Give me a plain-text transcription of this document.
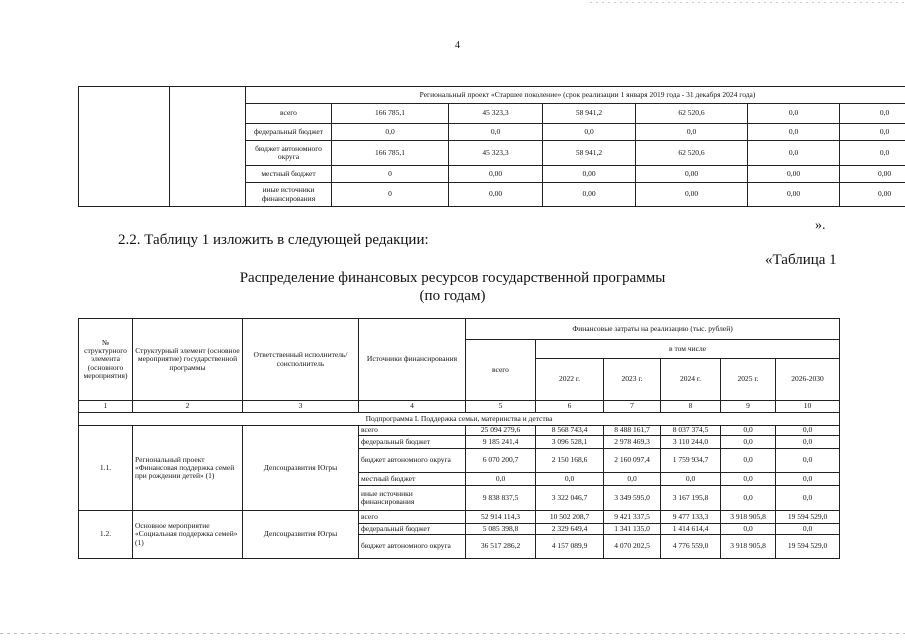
4
		Региональный проект «Старшее поколение» (срок реализации 1 января 2019 года - 31 декабря 2024 года)						
		всего	166 785,1	45 323,3	58 941,2	62 520,6	0,0	0,0
		федеральный бюджет	0,0	0,0	0,0	0,0	0,0	0,0
		бюджет автономного округа	166 785,1	45 323,3	58 941,2	62 520,6	0,0	0,0
		местный бюджет	0	0,00	0,00	0,00	0,00	0,00
		иные источники финансирования	0	0,00	0,00	0,00	0,00	0,00
».
2.2. Таблицу 1 изложить в следующей редакции:
«Таблица 1
Распределение финансовых ресурсов государственной программы
(по годам)
№ структурного элемента (основного мероприятия)	Структурный элемент (основное мероприятие) государственной программы	Ответственный исполнитель/соисполнитель	Источники финансирования	Финансовые затраты на реализацию (тыс. рублей)					
				всего	в том числе				
					2022 г.	2023 г.	2024 г.	2025 г.	2026-2030
1	2	3	4	5	6	7	8	9	10
Подпрограмма I. Поддержка семьи, материнства и детства									
1.1.	Региональный проект «Финансовая поддержка семей при рождении детей» (1)	Депсоцразвития Югры	всего	25 094 279,6	8 568 743,4	8 488 161,7	8 037 374,5	0,0	0,0
			федеральный бюджет	9 185 241,4	3 096 528,1	2 978 469,3	3 110 244,0	0,0	0,0
			бюджет автономного округа	6 070 200,7	2 150 168,6	2 160 097,4	1 759 934,7	0,0	0,0
			местный бюджет	0,0	0,0	0,0	0,0	0,0	0,0
			иные источники финансирования	9 838 837,5	3 322 046,7	3 349 595,0	3 167 195,8	0,0	0,0
1.2.	Основное мероприятие «Социальная поддержка семей» (1)	Депсоцразвития Югры	всего	52 914 114,3	10 502 208,7	9 421 337,5	9 477 133,3	3 918 905,8	19 594 529,0
			федеральный бюджет	5 085 398,8	2 329 649,4	1 341 135,0	1 414 614,4	0,0	0,0
			бюджет автономного округа	36 517 286,2	4 157 089,9	4 070 202,5	4 776 559,0	3 918 905,8	19 594 529,0
